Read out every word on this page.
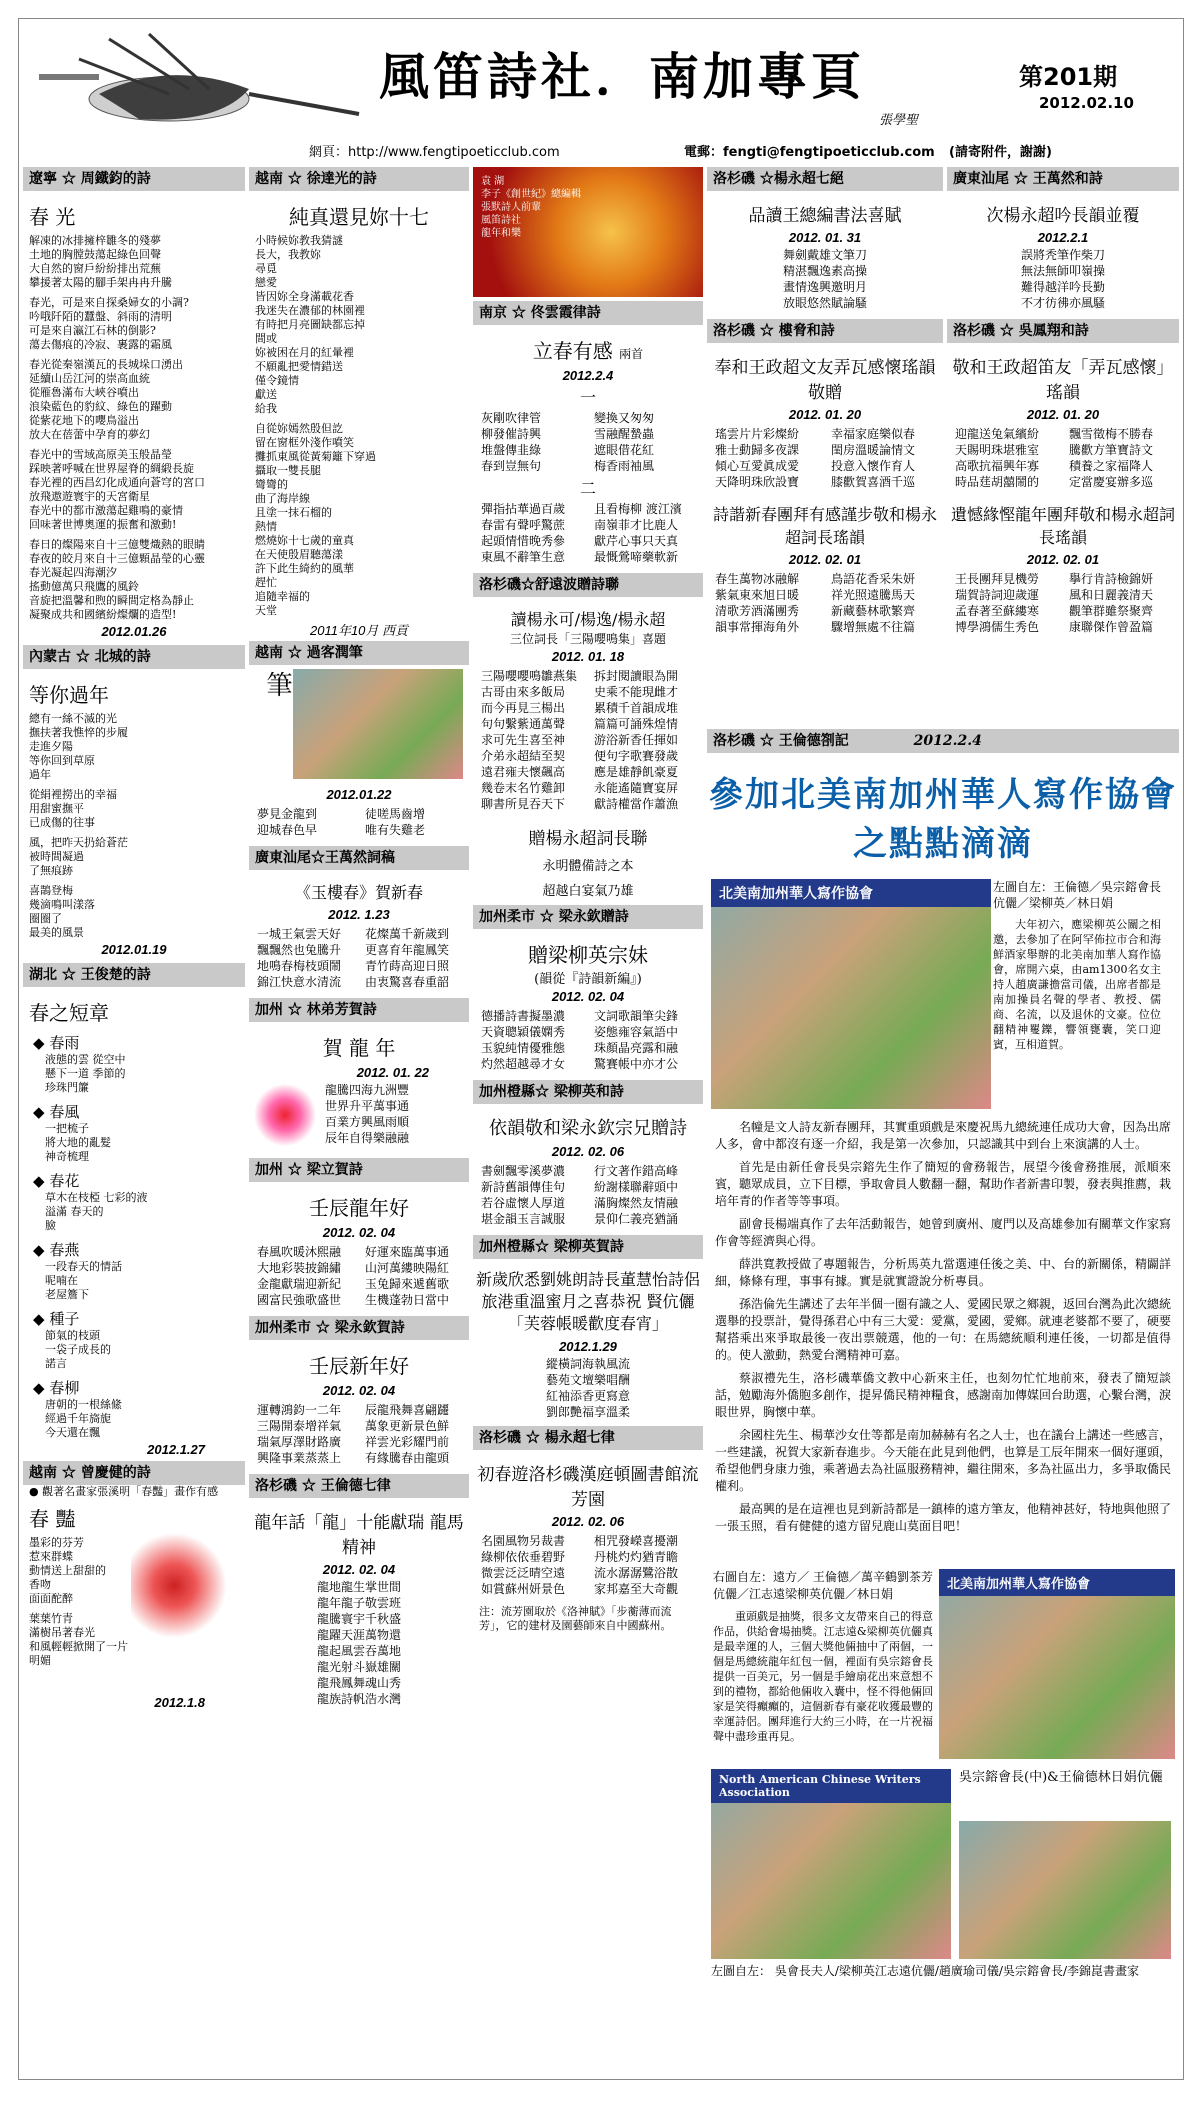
風笛詩社．南加專頁
張學聖
第201期
2012.02.10
網頁：http://www.fengtipoeticclub.com	電郵：fengti@fengtipoeticclub.com (請寄附件，謝謝)
遼寧 ☆ 周鐵鈞的詩
春 光
解凍的冰排擁梓雛冬的殘夢
土地的胸膛鼓蕩起綠色回聲
大自然的窗戶紛紛排出荒蕪
攀援著太陽的腳手架冉冉升騰
春光，可是來自探桑婦女的小調?
吟哦阡陌的蠶盤、斜雨的清明
可是來自瀛江石林的倒影?
蕩去傷痕的冷寂、裹露的霜風
春光從秦嶺漢瓦的長城垛口湧出
延續山岳江河的崇高血統
從雁魯滿布大峽谷噴出
浪染藍色的豹紋、綠色的躍動
從紫花地下的嚶鳥溢出
放大在蓓蕾中孕育的夢幻
春光中的雪域高原美玉般晶瑩
踩映著呼喊在世界屋脊的綢緞長旋
春光裡的西昌幻化成通向蒼穹的宮口
放飛遨遊寰宇的天宮衛星
春光中的都市激蕩起雞鳴的豪情
回味著世博奧運的振奮和激動!
春日的燦陽來自十三億雙熾熱的眼睛
春夜的皎月來自十三億顆晶瑩的心靈
春光凝起四海潮汐
搖動億萬只飛鷹的風鈴
音旋把溫馨和煦的瞬間定格為靜止
凝聚成共和國繽紛燦爛的造型!
2012.01.26
內蒙古 ☆ 北城的詩
等你過年
總有一絲不滅的光
撫扶著我憔悴的步履
走進夕陽
等你回到草原
過年
從絹裡撈出的幸福
用甜蜜撫平
已成傷的往事
風，把昨天扔給蒼茫
被時間凝過
了無痕跡
喜鵲登梅
幾滴鳴叫漾落
圈圈了
最美的風景
2012.01.19
湖北 ☆ 王俊楚的詩
春之短章
◆ 春雨
液態的雲 從空中
懸下一道 季節的
珍珠門簾
◆ 春風
一把梳子
將大地的亂髮
神奇梳理
◆ 春花
草木在枝椏 七彩的液
溢滿 春天的
臉
◆ 春燕
一段春天的情話
呢喃在
老屋簷下
◆ 種子
節氣的枝頭
一袋子成長的
諾言
◆ 春柳
唐朝的一根絲絛
經過千年旖旎
今天還在飄
2012.1.27
越南 ☆ 曾慶健的詩
● 觀著名畫家張溪明「春豔」畫作有感
春 豔
墨彩的芬芳
惹來群蝶
動情送上甜甜的
香吻
面面酡醉
葉葉竹青
滿樹吊著春光
和風輕輕掀開了一片
明媚
2012.1.8
越南 ☆ 徐達光的詩
純真還見妳十七
小時候妳教我猜謎
長大，我教妳
尋覓
戀愛
皆因妳全身滿載花香
我迷失在濃郁的林園裡
有時把月亮圖缺都忘掉
間或
妳被困在月的紅暈裡
不願亂把愛情錯送
僅令鏡情
獻送
給我
自從妳嫣然殷但訖
留在窗框外淺作噴笑
攤抓東風從黃菊籬下穿過
攝取一雙長腿
彎彎的
曲了海岸線
且塗一抹石榴的
熱情
燃燒妳十七歲的童真
在天使殷眉聽蕩漾
許下此生綺約的風華
趕忙
追隨幸福的
天堂
2011年10月 西貢
越南 ☆ 過客潤筆
筆
2012.01.22
夢見金龍到	徒嗟馬齒增
迎城春色早	唯有失雞老
廣東汕尾☆王萬然詞稿
《玉樓春》賀新春
2012. 1.23
一城王氣雲天好	花燦萬千新歲到
飄飄然也兔騰升	更喜育年龍鳳笑
地鳴春梅枝頭鬧	青竹蒔高迎日照
錦江快意水清流	由衷驚喜春重韶
加州 ☆ 林弟芳賀詩
賀 龍 年
2012. 01. 22
龍騰四海九洲豐
世界升平萬事通
百業方興風雨順
辰年自得樂融融
加州 ☆ 梁立賀詩
壬辰龍年好
2012. 02. 04
春風吹暖沐熙融	好運來臨萬事通
大地彩裝披錦繡	山河萬縷映陽紅
金龍獻瑞迎新紀	玉兔歸來遞舊歌
國富民強歌盛世	生機蓬勃日當中
加州柔市 ☆ 梁永欽賀詩
壬辰新年好
2012. 02. 04
運轉鴻鈞一二年	辰龍飛舞喜翩躚
三陽開泰增祥氣	萬象更新景色鮮
瑞氣厚澤財路廣	祥雲光彩耀門前
興隆事業蒸蒸上	有緣騰春由龍頭
洛杉磯 ☆ 王倫德七律
龍年話「龍」十能獻瑞 龍馬精神
2012. 02. 04
龍地龍生掌世間
龍年龍子敬雲班
龍騰寰宇千秋盛
龍躍天涯萬物還
龍起風雲吞萬地
龍光射斗嶽雄關
龍飛鳳舞魂山秀
龍族詩帆浩水灣
袁 湖
李子《創世紀》總編輯
張默詩人前輩
風笛詩社
龍年和樂
南京 ☆ 佟雲霞律詩
立春有感 兩首
2012.2.4
一
灰剛吹律管	變換又匆匆
柳發催詩興	雪融醒蟄蟲
堆盤傳韭綠	遮眼借花紅
春到豈無句	梅香雨袖風
二
彈指拈華過百歲	且看梅柳 渡江濱
春雷有聲呼驚蔗	南嶺菲才比鹿人
起頭情惜晚秀參	獻芹心事只天真
東風不辭筆生意	最慨鶯啼藥軟新
洛杉磯☆舒遠波贈詩聯
讀楊永可/楊逸/楊永超
三位詞長「三陽嚶鳴集」喜題
2012. 01. 18
三陽嚶嚶鳴雛燕集	拆封閱讀眼為開
古哥由來多飯局	史乘不能現雌才
而今再見三楊出	累積千首韻成堆
句句繫紫通萬聲	篇篇可誦殊煌情
求可先生喜至神	游浴新香任揮如
介弟永超結至契	便句字歌賽發歲
遠君雍夫懷飆高	應是雄靜飢豪夏
幾卷末名竹雞卸	永能遙隨寶宴屏
聊書所見吞天下	獻詩權當作蕭漁
贈楊永超詞長聯
永明體備詩之本
超越白宴氣乃雄
加州柔市 ☆ 梁永欽贈詩
贈梁柳英宗妹
(韻從『詩韻新編』)
2012. 02. 04
德播詩書擬墨濃	文詞歌韻筆尖鋒
天資聰穎儀嫻秀	姿態雍容氣語中
玉貌純情優雅態	珠顏晶亮露和融
灼然超越尋才女	驚賽帳中亦才公
加州橙縣☆ 梁柳英和詩
依韻敬和梁永欽宗兄贈詩
2012. 02. 06
書劍飄零溪夢濃	行文著作錯高峰
新詩舊韻傳佳句	紛謝樣聯辭頭中
若谷虛懷人厚道	滿胸燦然友情融
堪金韻玉言誠服	景仰仁義亮猶誦
加州橙縣☆ 梁柳英賀詩
新歲欣悉劉姚朗詩長董慧怡詩侶旅港重溫蜜月之喜恭祝 賢伉儷「芙蓉帳暖歡度春宵」
2012.1.29
縱橫詞海執風流
藝苑文壇樂唱酬
紅袖添香更寫意
劉郎艷福享溫柔
洛杉磯 ☆ 楊永超七律
初春遊洛杉磯漢庭頓圖書館流芳園
2012. 02. 06
名園風物另裁書	相咒發嶸喜擾潮
綠柳依依垂碧野	丹桃灼灼猶青瞻
微雲泛泛晴空遠	流水潺潺鷺浴散
如賞蘇州妍景色	家邦嘉至大奇觀
注：流芳園取於《洛神賦》「步蘅薄而流芳」，它的建材及園藝師來自中國蘇州。
洛杉磯 ☆楊永超七絕
品讀王總編書法喜賦
2012. 01. 31
舞劍戴雄文筆刀
精湛飄逸素高操
畫情逸興邀明月
放眼悠然賦論騷
洛杉磯 ☆ 樓脅和詩
奉和王政超文友弄瓦感懷瑤韻敬贈
2012. 01. 20
瑤雲片片彩燦紛	幸福家庭樂似春
雅士動歸多夜課	閨房溫暖論情文
傾心互愛眞成愛	投意入懷作育人
天降明珠欣設寶	膝歡賀喜酒千巡
詩諧新春團拜有感謹步敬和楊永超詞長瑤韻
2012. 02. 01
春生萬物冰融解	鳥語花香采朱妍
紫氣東來旭日暖	祥光照遠騰馬天
清歌芳酒滿團秀	新藏藝林歌繁齊
韻事常揮海角外	驟增無處不往篇
廣東汕尾 ☆ 王萬然和詩
次楊永超吟長韻並覆
2012.2.1
誤將秃筆作柴刀
無法無師叩嶺操
難得越洋吟長勤
不才彷彿亦風騷
洛杉磯 ☆ 吳鳳翔和詩
敬和王政超笛友「弄瓦感懷」瑤韻
2012. 01. 20
迎龍送兔氣繽紛	飄雪徵梅不勝春
天賜明珠堪雅室	騰歡方筆寶詩文
高歌抗福興年寡	積養之家福降人
時品莛胡囍鬧的	定當慶宴辦多巡
遺憾緣慳龍年團拜敬和楊永超詞長瑤韻
2012. 02. 01
王長團拜見機勞	擧行肯詩檢錦妍
瑞賀詩詞迎歲運	風和日麗義清天
孟春著至蘇縷寒	觀筆群雖祭聚齊
博學鴻儒生秀色	康聯傑作曾盈篇
洛杉磯 ☆ 王倫德劄記	2012.2.4
參加北美南加州華人寫作協會之點點滴滴
北美南加州華人寫作協會	左圖自左：王倫德／吳宗鎔會長伉儷／梁柳英／林日娟
大年初六，應梁柳英公關之相邀，去參加了在阿罕佈拉市合和海鮮酒家舉辦的北美南加華人寫作協會，席開六桌，由am1300名女主持人趙廣謙擔當司儀，出席者都是南加操員名聲的學者、教授、儒商、名流，以及退休的文豪。位位翻精神矍鑠，響領甕囊，笑口迎賓，互相道賀。

名幢是文人詩友新春團拜，其實重頭戲是來慶祝馬九總統連任成功大會，因為出席人多，會中都沒有逐一介紹，我是第一次參加，只認識其中到台上來演講的人士。

首先是由新任會長吳宗鎔先生作了簡短的會務報告，展望今後會務推展，派順來賓，聽眾成員，立下目標，爭取會員人數翻一翻，幫助作者新書印製，發表與推薦，栽培年青的作者等等事項。

副會長楊端真作了去年活動報告，她曾到廣州、廈門以及高雄參加有關華文作家寫作會等經濟與心得。

薛洪寬教授做了專題報告，分析馬英九當選連任後之美、中、台的新關係，精闢詳細，條條有理，事事有據。實是就實證說分析專員。

孫浩倫先生講述了去年半個一圈有識之人、愛國民眾之鄉親，返回台灣為此次總統選舉的投票計，覺得孫君心中有三大愛：愛黨，愛國，愛鄉。就連老婆都不要了，硬要幫搭乘出來爭取最後一夜出票競選，他的一句：在馬總統順利連任後，一切都是值得的。使人激動，熱愛台灣精神可嘉。

蔡淑禮先生，洛杉磯華僑文教中心新來主任，也刻勿忙忙地前來，發表了簡短談話，勉勵海外僑胞多創作，提昇僑民精神糧食，感謝南加傳媒回台助選，心繫台灣，淚眼世界，胸懷中華。

余國柱先生、楊華沙女仕等都是南加赫赫有名之人士，也在議台上講述一些感言，一些建議，祝賀大家新春進步。今天能在此見到他們，也算是工辰年開來一個好運頭，希望他們身康力強，乘著過去為社區服務精神，繼往開來，多為社區出力，多爭取僑民權利。

最高興的是在這裡也見到新詩都是一鎮棒的遠方筆友，他精神甚好，特地與他照了一張玉照，看有健健的遠方留兒鹿山莫面目吧！

右圖自左：遠方／ 王倫德／萬辛鶴劉茶芳伉儷／江志遠梁柳英伉儷／林日娟
重頭戲是抽獎，很多文友帶來自己的得意作品，供給會場抽獎。江志遠&梁柳英伉儷真是最幸運的人，三個大獎他倆抽中了兩個，一個是馬總統龍年紅包一個，裡面有吳宗鎔會長提供一百美元，另一個是手繪扇花出來意想不到的禮物，都給他倆收入囊中，怪不得他倆回家是笑得癲癲的，這個新春有豪花收獲最豐的幸運詩侶。團拜進行大約三小時，在一片祝福聲中盡珍重再見。
北美南加州華人寫作協會
North American Chinese Writers Association
吳宗鎔會長(中)&王倫德林日娟伉儷
左圖自左： 吳會長夫人/梁柳英江志遠伉儷/趙廣瑜司儀/吳宗鎔會長/李錦崑書畫家
